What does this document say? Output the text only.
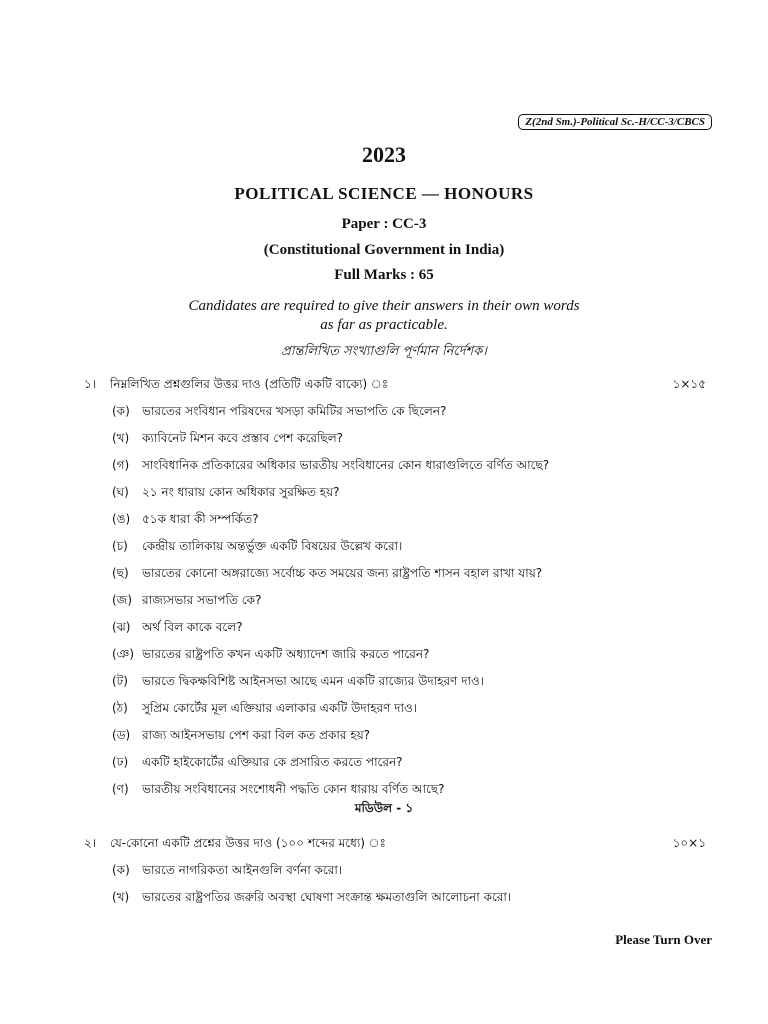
Z(2nd Sm.)-Political Sc.-H/CC-3/CBCS
2023
POLITICAL SCIENCE — HONOURS
Paper : CC-3
(Constitutional Government in India)
Full Marks : 65
Candidates are required to give their answers in their own words
as far as practicable.
প্রান্তলিখিত সংখ্যাগুলি পূর্ণমান নির্দেশক।
১। নিম্নলিখিত প্রশ্নগুলির উত্তর দাও (প্রতিটি একটি বাক্যে) ঃ	১×১৫
(ক) ভারতের সংবিধান পরিষদের খসড়া কমিটির সভাপতি কে ছিলেন?
(খ) ক্যাবিনেট মিশন কবে প্রস্তাব পেশ করেছিল?
(গ) সাংবিধানিক প্রতিকারের অধিকার ভারতীয় সংবিধানের কোন ধারাগুলিতে বর্ণিত আছে?
(ঘ) ২১ নং ধারায় কোন অধিকার সুরক্ষিত হয়?
(ঙ) ৫১ক ধারা কী সম্পর্কিত?
(চ) কেন্দ্রীয় তালিকায় অন্তর্ভুক্ত একটি বিষয়ের উল্লেখ করো।
(ছ) ভারতের কোনো অঙ্গরাজ্যে সর্বোচ্চ কত সময়ের জন্য রাষ্ট্রপতি শাসন বহাল রাখা যায়?
(জ) রাজ্যসভার সভাপতি কে?
(ঝ) অর্থ বিল কাকে বলে?
(ঞ) ভারতের রাষ্ট্রপতি কখন একটি অধ্যাদেশ জারি করতে পারেন?
(ট) ভারতে দ্বিকক্ষবিশিষ্ট আইনসভা আছে এমন একটি রাজ্যের উদাহরণ দাও।
(ঠ) সুপ্রিম কোর্টের মূল এক্তিয়ার এলাকার একটি উদাহরণ দাও।
(ড) রাজ্য আইনসভায় পেশ করা বিল কত প্রকার হয়?
(ঢ) একটি হাইকোর্টের এক্তিয়ার কে প্রসারিত করতে পারেন?
(ণ) ভারতীয় সংবিধানের সংশোধনী পদ্ধতি কোন ধারায় বর্ণিত আছে?
মডিউল - ১
২। যে-কোনো একটি প্রশ্নের উত্তর দাও (১০০ শব্দের মধ্যে) ঃ	১০×১
(ক) ভারতে নাগরিকতা আইনগুলি বর্ণনা করো।
(খ) ভারতের রাষ্ট্রপতির জরুরি অবস্থা ঘোষণা সংক্রান্ত ক্ষমতাগুলি আলোচনা করো।
Please Turn Over
